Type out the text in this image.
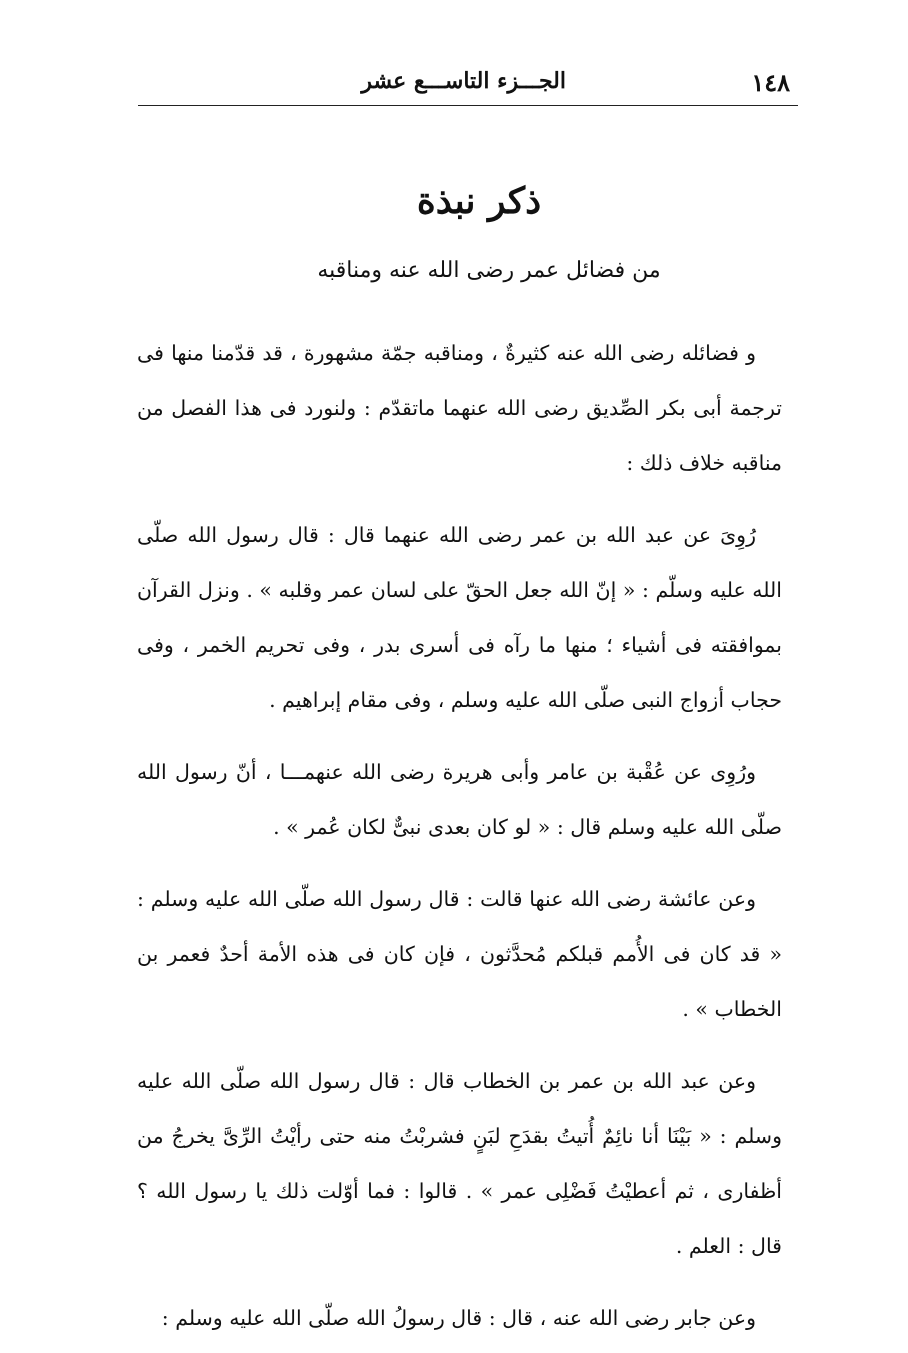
١٤٨
الجـــزء التاســـع عشر
ذكر نبذة
من فضائل عمر رضى الله عنه ومناقبه

و فضائله رضى الله عنه كثيرةٌ ، ومناقبه جمّة مشهورة ، قد قدّمنا منها فى ترجمة أبى بكر الصِّديق رضى الله عنهما ماتقدّم : ولنورد فى هذا الفصل من مناقبه خلاف ذلك :

رُوِىَ عن عبد الله بن عمر رضى الله عنهما قال : قال رسول الله صلّى الله عليه وسلّم : « إنّ الله جعل الحقّ على لسان عمر وقلبه » . ونزل القرآن بموافقته فى أشياء ؛ منها ما رآه فى أسرى بدر ، وفى تحريم الخمر ، وفى حجاب أزواج النبى صلّى الله عليه وسلم ، وفى مقام إبراهيم .

ورُوِى عن عُقْبة بن عامر وأبى هريرة رضى الله عنهمـــا ، أنّ رسول الله صلّى الله عليه وسلم قال : « لو كان بعدى نبىٌّ لكان عُمر » .

وعن عائشة رضى الله عنها قالت : قال رسول الله صلّى الله عليه وسلم : « قد كان فى الأُمم قبلكم مُحدَّثون ، فإن كان فى هذه الأمة أحدٌ فعمر بن الخطاب » .

وعن عبد الله بن عمر بن الخطاب قال : قال رسول الله صلّى الله عليه وسلم : « بَيْنَا أنا نائِمٌ أُتيتُ بقدَحِ لبَنٍ فشربْتُ منه حتى رأيْتُ الرِّىَّ يخرجُ من أظفارى ، ثم أعطيْتُ فَضْلِى عمر » . قالوا : فما أوّلت ذلك يا رسول الله ؟ قال : العلم .

وعن جابر رضى الله عنه ، قال : قال رسولُ الله صلّى الله عليه وسلم :
